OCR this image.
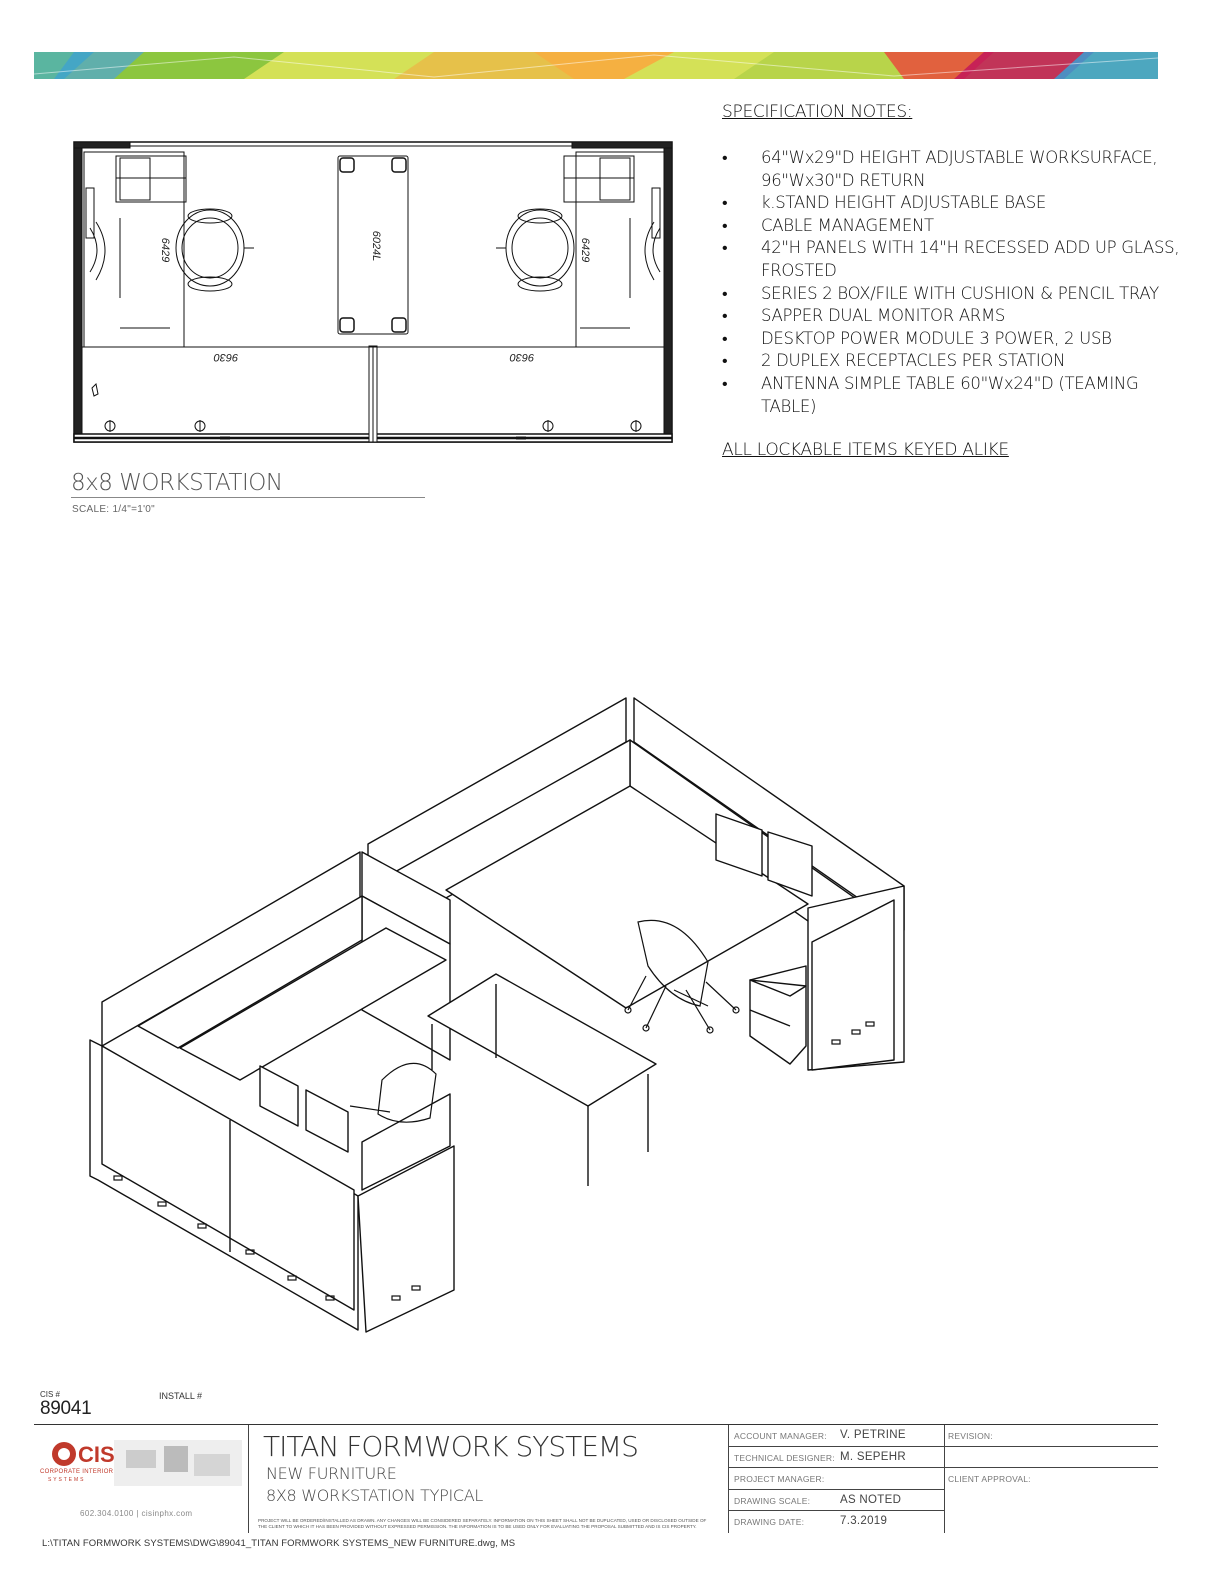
6429	6429
6024L
9630	9630
8x8 WORKSTATION
SCALE: 1/4"=1'0"
SPECIFICATION NOTES:
• 64"Wx29"D HEIGHT ADJUSTABLE WORKSURFACE, 96"Wx30"D RETURN
• k.STAND HEIGHT ADJUSTABLE BASE
• CABLE MANAGEMENT
• 42"H PANELS WITH 14"H RECESSED ADD UP GLASS, FROSTED
• SERIES 2 BOX/FILE WITH CUSHION & PENCIL TRAY
• SAPPER DUAL MONITOR ARMS
• DESKTOP POWER MODULE 3 POWER, 2 USB
• 2 DUPLEX RECEPTACLES PER STATION
• ANTENNA SIMPLE TABLE 60"Wx24"D (TEAMING TABLE)
ALL LOCKABLE ITEMS KEYED ALIKE
CIS #
89041
INSTALL #
CIS
CORPORATE INTERIOR
S Y S T E M S
602.304.0100 | cisinphx.com
TITAN FORMWORK SYSTEMS
NEW FURNITURE
8X8 WORKSTATION TYPICAL
PROJECT WILL BE ORDERED/INSTALLED AS DRAWN. ANY CHANGES WILL BE CONSIDERED SEPARATELY. INFORMATION ON THIS SHEET SHALL NOT BE DUPLICATED, USED OR DISCLOSED OUTSIDE OF THE CLIENT TO WHICH IT HAS BEEN PROVIDED WITHOUT EXPRESSED PERMISSION. THE INFORMATION IS TO BE USED ONLY FOR EVALUATING THE PROPOSAL SUBMITTED AND IS CIS PROPERTY.
ACCOUNT MANAGER: V. PETRINE
TECHNICAL DESIGNER: M. SEPEHR
PROJECT MANAGER:
DRAWING SCALE:	AS NOTED
DRAWING DATE:	7.3.2019
REVISION:
CLIENT APPROVAL:
L:\TITAN FORMWORK SYSTEMS\DWG\89041_TITAN FORMWORK SYSTEMS_NEW FURNITURE.dwg, MS
